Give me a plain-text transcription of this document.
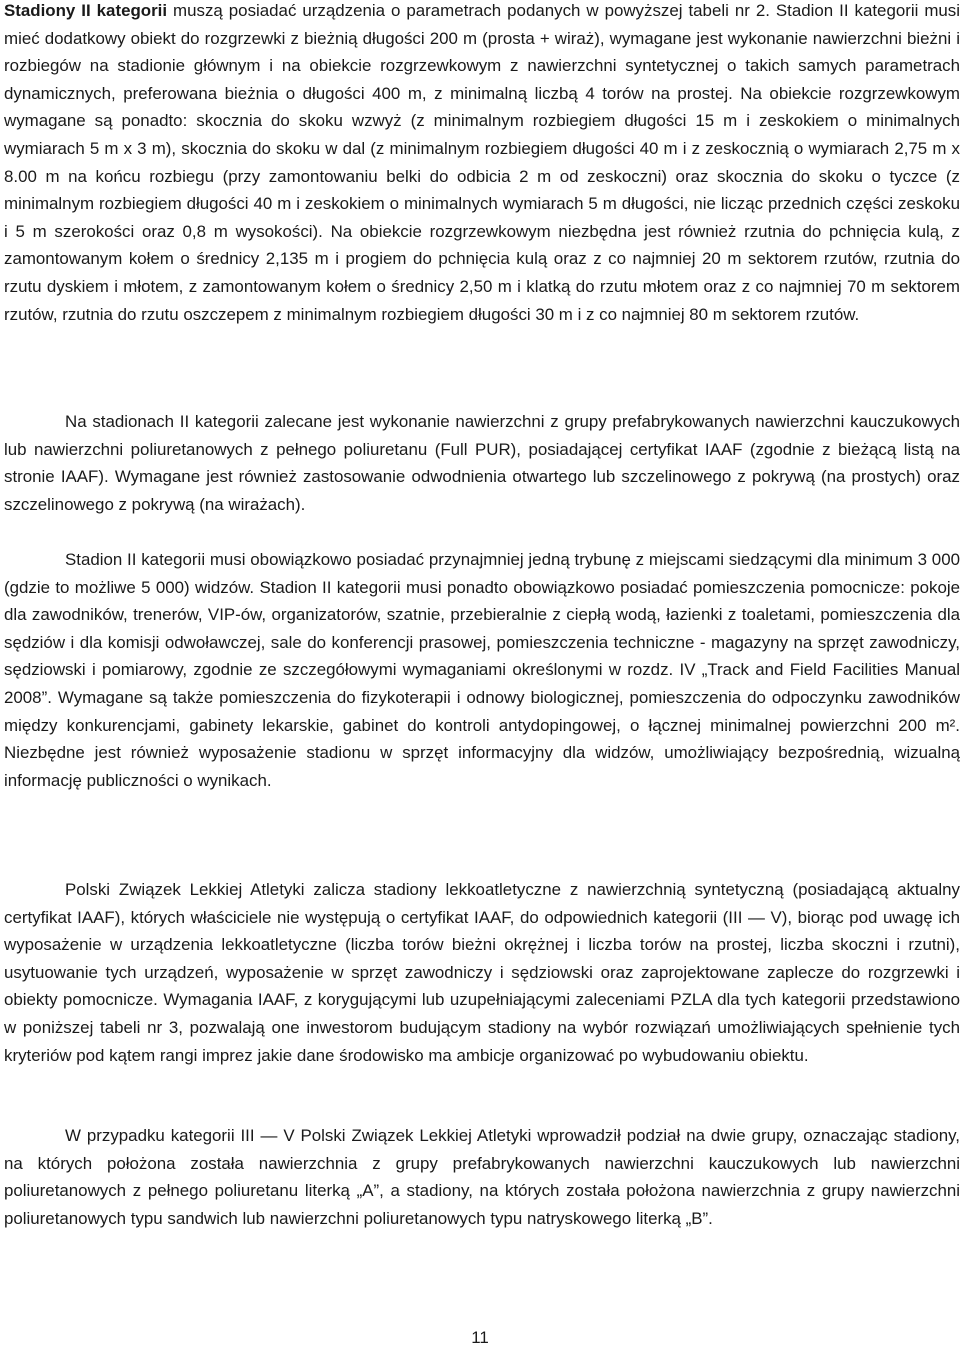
Stadiony II kategorii muszą posiadać urządzenia o parametrach podanych w powyższej tabeli nr 2. Stadion II kategorii musi mieć dodatkowy obiekt do rozgrzewki z bieżnią długości 200 m (prosta + wiraż), wymagane jest wykonanie nawierzchni bieżni i rozbiegów na stadionie głównym i na obiekcie rozgrzewkowym z nawierzchni syntetycznej o takich samych parametrach dynamicznych, preferowana bieżnia o długości 400 m, z minimalną liczbą 4 torów na prostej. Na obiekcie rozgrzewkowym wymagane są ponadto: skocznia do skoku wzwyż (z minimalnym rozbiegiem długości 15 m i zeskokiem o minimalnych wymiarach 5 m x 3 m), skocznia do skoku w dal (z minimalnym rozbiegiem długości 40 m i z zeskocznią o wymiarach 2,75 m x 8.00 m na końcu rozbiegu (przy zamontowaniu belki do odbicia 2 m od zeskoczni) oraz skocznia do skoku o tyczce (z minimalnym rozbiegiem długości 40 m i zeskokiem o minimalnych wymiarach 5 m długości, nie licząc przednich części zeskoku i 5 m szerokości oraz 0,8 m wysokości). Na obiekcie rozgrzewkowym niezbędna jest również rzutnia do pchnięcia kulą, z zamontowanym kołem o średnicy 2,135 m i progiem do pchnięcia kulą oraz z co najmniej 20 m sektorem rzutów, rzutnia do rzutu dyskiem i młotem, z zamontowanym kołem o średnicy 2,50 m i klatką do rzutu młotem oraz z co najmniej 70 m sektorem rzutów, rzutnia do rzutu oszczepem z minimalnym rozbiegiem długości 30 m i z co najmniej 80 m sektorem rzutów.

Na stadionach II kategorii zalecane jest wykonanie nawierzchni z grupy prefabrykowanych nawierzchni kauczukowych lub nawierzchni poliuretanowych z pełnego poliuretanu (Full PUR), posiadającej certyfikat IAAF (zgodnie z bieżącą listą na stronie IAAF). Wymagane jest również zastosowanie odwodnienia otwartego lub szczelinowego z pokrywą (na prostych) oraz szczelinowego z pokrywą (na wirażach).

Stadion II kategorii musi obowiązkowo posiadać przynajmniej jedną trybunę z miejscami siedzącymi dla minimum 3 000 (gdzie to możliwe 5 000) widzów. Stadion II kategorii musi ponadto obowiązkowo posiadać pomieszczenia pomocnicze: pokoje dla zawodników, trenerów, VIP-ów, organizatorów, szatnie, przebieralnie z ciepłą wodą, łazienki z toaletami, pomieszczenia dla sędziów i dla komisji odwoławczej, sale do konferencji prasowej, pomieszczenia techniczne - magazyny na sprzęt zawodniczy, sędziowski i pomiarowy, zgodnie ze szczegółowymi wymaganiami określonymi w rozdz. IV „Track and Field Facilities Manual 2008”. Wymagane są także pomieszczenia do fizykoterapii i odnowy biologicznej, pomieszczenia do odpoczynku zawodników między konkurencjami, gabinety lekarskie, gabinet do kontroli antydopingowej, o łącznej minimalnej powierzchni 200 m². Niezbędne jest również wyposażenie stadionu w sprzęt informacyjny dla widzów, umożliwiający bezpośrednią, wizualną informację publiczności o wynikach.

Polski Związek Lekkiej Atletyki zalicza stadiony lekkoatletyczne z nawierzchnią syntetyczną (posiadającą aktualny certyfikat IAAF), których właściciele nie występują o certyfikat IAAF, do odpowiednich kategorii (III — V), biorąc pod uwagę ich wyposażenie w urządzenia lekkoatletyczne (liczba torów bieżni okrężnej i liczba torów na prostej, liczba skoczni i rzutni), usytuowanie tych urządzeń, wyposażenie w sprzęt zawodniczy i sędziowski oraz zaprojektowane zaplecze do rozgrzewki i obiekty pomocnicze. Wymagania IAAF, z korygującymi lub uzupełniającymi zaleceniami PZLA dla tych kategorii przedstawiono w poniższej tabeli nr 3, pozwalają one inwestorom budującym stadiony na wybór rozwiązań umożliwiających spełnienie tych kryteriów pod kątem rangi imprez jakie dane środowisko ma ambicje organizować po wybudowaniu obiektu.

W przypadku kategorii III — V Polski Związek Lekkiej Atletyki wprowadził podział na dwie grupy, oznaczając stadiony, na których położona została nawierzchnia z grupy prefabrykowanych nawierzchni kauczukowych lub nawierzchni poliuretanowych z pełnego poliuretanu literką „A”, a stadiony, na których została położona nawierzchnia z grupy nawierzchni poliuretanowych typu sandwich lub nawierzchni poliuretanowych typu natryskowego literką „B”.

11
